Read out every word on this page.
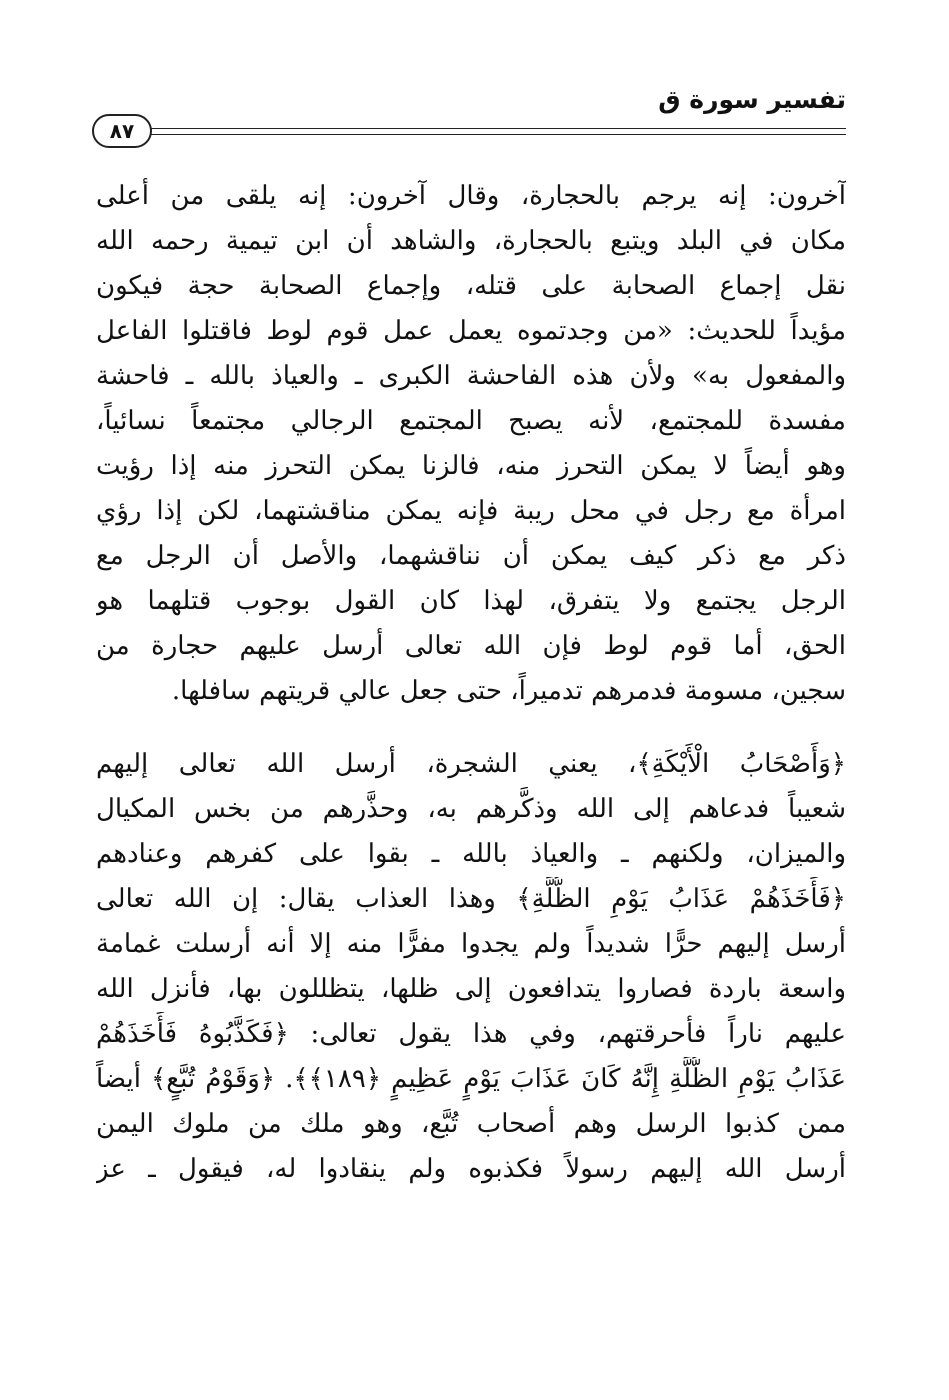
تفسير سورة ق
٨٧

آخرون: إنه يرجم بالحجارة، وقال آخرون: إنه يلقى من أعلى
مكان في البلد ويتبع بالحجارة، والشاهد أن ابن تيمية رحمه الله
نقل إجماع الصحابة على قتله، وإجماع الصحابة حجة فيكون
مؤيداً للحديث: «من وجدتموه يعمل عمل قوم لوط فاقتلوا الفاعل
والمفعول به» ولأن هذه الفاحشة الكبرى ـ والعياذ بالله ـ فاحشة
مفسدة للمجتمع، لأنه يصبح المجتمع الرجالي مجتمعاً نسائياً،
وهو أيضاً لا يمكن التحرز منه، فالزنا يمكن التحرز منه إذا رؤيت
امرأة مع رجل في محل ريبة فإنه يمكن مناقشتهما، لكن إذا رؤي
ذكر مع ذكر كيف يمكن أن نناقشهما، والأصل أن الرجل مع
الرجل يجتمع ولا يتفرق، لهذا كان القول بوجوب قتلهما هو
الحق، أما قوم لوط فإن الله تعالى أرسل عليهم حجارة من
سجين، مسومة فدمرهم تدميراً، حتى جعل عالي قريتهم سافلها.

﴿وَأَصْحَابُ الْأَيْكَةِ﴾، يعني الشجرة، أرسل الله تعالى إليهم
شعيباً فدعاهم إلى الله وذكَّرهم به، وحذَّرهم من بخس المكيال
والميزان، ولكنهم ـ والعياذ بالله ـ بقوا على كفرهم وعنادهم
﴿فَأَخَذَهُمْ عَذَابُ يَوْمِ الظُّلَّةِ﴾ وهذا العذاب يقال: إن الله تعالى
أرسل إليهم حرًّا شديداً ولم يجدوا مفرًّا منه إلا أنه أرسلت غمامة
واسعة باردة فصاروا يتدافعون إلى ظلها، يتظللون بها، فأنزل الله
عليهم ناراً فأحرقتهم، وفي هذا يقول تعالى: ﴿فَكَذَّبُوهُ فَأَخَذَهُمْ
عَذَابُ يَوْمِ الظُّلَّةِ إِنَّهُ كَانَ عَذَابَ يَوْمٍ عَظِيمٍ ﴿١٨٩﴾﴾. ﴿وَقَوْمُ تُبَّعٍ﴾ أيضاً
ممن كذبوا الرسل وهم أصحاب تُبَّع، وهو ملك من ملوك اليمن
أرسل الله إليهم رسولاً فكذبوه ولم ينقادوا له، فيقول ـ عز
